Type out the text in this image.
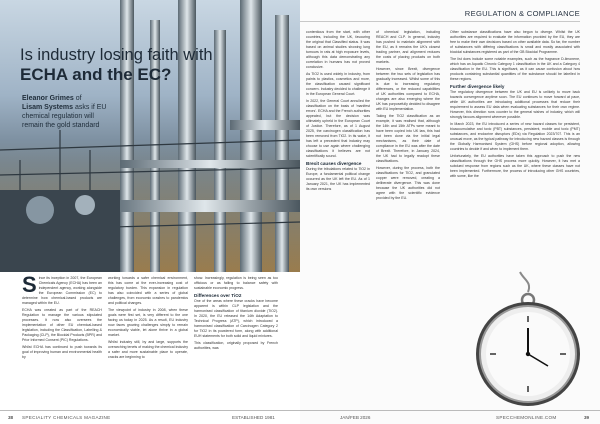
Is industry losing faith with
ECHA and the EC?
Eleanor Grimes of
Lisam Systems asks if EU chemical regulation will remain the gold standard

Since its inception in 2007, the European Chemicals Agency (ECHA) has been an independent agency, working alongside the European Commission (EC) to determine how chemical-based products are managed within the EU.

ECHA was created as part of the REACH Regulation to manage the various stipulated processes. It now also oversees the implementation of other EU chemical-based legislation, including the Classification, Labelling & Packaging (CLP), the Biocidal Products (BPR) and Prior Informed Consent (PIC) Regulations.

Whilst ECHA has continued to push towards its goal of improving human and environmental health by

working towards a safer chemical environment, this has come at the ever-increasing cost of regulatory burden. This expansion in regulation has also coincided with a series of global challenges, from economic crashes to pandemics and political changes.

The viewpoint of industry in 2008, when these goals were first set, is very different to the one facing us today in 2025. As a result, EU industry now faces growing challenges simply to remain economically viable, let alone thrive in a global market.

Whilst industry still, by and large, supports the overarching tenets of making the chemical industry a safer and more sustainable place to operate, cracks are beginning to

show. Increasingly, regulation is being seen as too officious or as failing to balance safety with sustainable economic progress.

Differences over TiO2

One of the areas where these cracks have become apparent is within CLP legislation and the harmonised classification of titanium dioxide (TiO2). In 2020, the EU released the 14th Adaptation to Technical Progress (ATP), which introduced a harmonised classification of Carcinogen Category 2 for TiO2 in its powdered form, along with additional EUH statements for both solid and liquid mixtures.

This classification, originally proposed by French authorities, was

38 SPECIALITY CHEMICALS MAGAZINE	ESTABLISHED 1981
REGULATION & COMPLIANCE

contentious from the start, with other countries, including the UK, favouring the original that Classified status. It was based on animal studies showing lung tumours in rats at high exposure levels, although this data demonstrating any correlation in humans has not proved conclusive.

As TiO2 is used widely in industry, from paints to plastics, cosmetics and more, the classification caused significant concern. Industry decided to challenge it in the European General Court.

In 2022, the General Court annulled the classification on the basis of 'manifest errors'. ECHA and the French authorities appealed, but the decision was ultimately upheld in the European Court of Justice. Therefore, as of 1 August 2025, the carcinogen classification has been removed from TiO2. In its wake, it has left a precedent that industry may choose to use again where challenging classifications it believes are not scientifically sound.

Brexit causes divergence

During the tribulations related to TiO2 in Europe, a fundamental political change occurred as the UK left the EU. As of 1 January 2021, the UK has implemented its own versions

of chemical legislation, including REACH and CLP. In general, industry has pushed to maintain alignment with the EU, as it remains the UK's closest trading partner, and alignment reduces the costs of placing products on both markets.

However, since Brexit, divergence between the two sets of legislation has gradually increased. Whilst some of this is due to increasing regulatory differences, or the reduced capabilities of UK authorities compared to ECHA, changes are also emerging where the UK has purposefully decided to disagree with EU implementation.

Taking the TiO2 classification as an example, it was realised that, although the 14th and 15th ATPs were meant to have been copied into UK law, this had not been done via the initial legal mechanisms, as their date of compliance in the EU was after the date of Brexit. Therefore, in January 2024, the UK had to legally readopt these classifications.

However, during the process, both the classifications for TiO2, and granulated copper were removed, creating a deliberate divergence. This was done because the UK authorities did not agree with the scientific evidence provided by the EU.

Other substance classifications have also begun to diverge. Whilst the UK authorities are required to evaluate the information provided by the EU, they are free to make their own decisions based on other available data. So far, the number of substances with differing classifications is small and mostly associated with biocidal substances registered as part of the GB Biocidal Programme.

The list does include some notable examples, such as the fragrance D-limonene, which has an Aquatic Chronic Category 1 classification in the UK and a Category 4 classification in the EU. This is significant, as it can cause confusion about how products containing substantial quantities of the substance should be labelled in these regions.

Further divergence likely

The regulatory divergence between the UK and EU is unlikely to move back towards convergence anytime soon. The EU continues to move forward at pace, while UK authorities are introducing additional processes that reduce their requirement to assess EU data when evaluating substances for their own regime. However, this direction runs counter to the general wishes of industry, which will strongly favours alignment wherever possible.

In March 2023, the EU introduced a series of new hazard classes for persistent, bioaccumulative and toxic (PBT) substances, persistent, mobile and toxic (PMT) substances, and endocrine disruptors (EDs) via Regulation 2023/707. This is an unusual move, as the typical pathway for introducing new hazard classes is through the Globally Harmonised System (GHS) before regional adoption, allowing countries to decide if and when to implement them.

Unfortunately, the EU authorities have taken this approach to push the new classifications through the GHS process more quickly. However, it has met a subdued response from regions such as the UK, where these classes have not been implemented. Furthermore, the process of introducing other GHS countries, with some, like the

JAN/FEB 2026	SPECCHEMONLINE.COM	39
